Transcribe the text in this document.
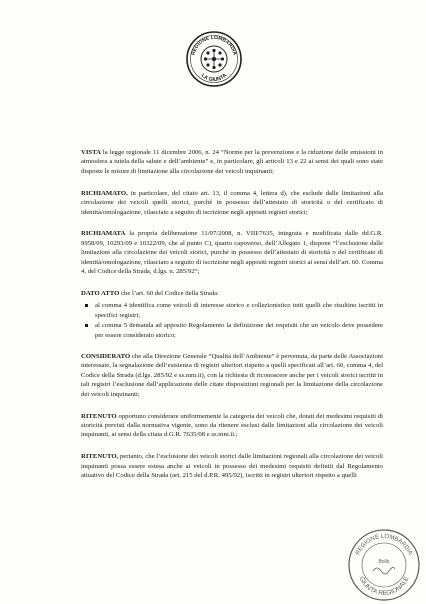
REGIONE LOMBARDIA
LA GIUNTA

VISTA la legge regionale 11 dicembre 2006, n. 24 “Norme per la prevenzione e la riduzione delle emissioni in atmosfera a tutela della salute e dell’ambiente” e, in particolare, gli articoli 13 e 22 ai sensi dei quali sono state disposte le misure di limitazione alla circolazione dei veicoli inquinanti;

RICHIAMATO, in particolare, del citato art. 13, il comma 4, lettera d), che esclude dalle limitazioni alla circolazione dei veicoli quelli storici, purché in possesso dell’attestato di storicità o del certificato di identità/omologazione, rilasciato a seguito di iscrizione negli appositi registri storici;

RICHIAMATA la propria deliberazione 11/07/2008, n. VIII/7635, integrata e modificata dalle dd.G.R. 9958/09, 10293/09 e 10322/09, che al punto C), quarto capoverso, dell’Allegato 1, dispone “l’esclusione dalle limitazioni alla circolazione dei veicoli storici, purché in possesso dell’attestato di storicità o del certificato di identità/omologazione, rilasciato a seguito di iscrizione negli appositi registri storici ai sensi dell’art. 60. Comma 4, del Codice della Strada, d.lgs. n. 285/92”;

DATO ATTO che l’art. 60 del Codice della Strada:

al comma 4 identifica come veicoli di interesse storico e collezionistico tutti quelli che risultino iscritti in specifici registri;
al comma 5 demanda ad apposito Regolamento la definizione dei requisiti che un veicolo deve possedere per essere considerato storico;

CONSIDERATO che alla Direzione Generale “Qualità dell’Ambiente” è pervenuta, da parte delle Associazioni interessate, la segnalazione dell’esistenza di registri ulteriori rispetto a quelli specificati all’art. 60, comma 4, del Codice della Strada (d.lgs. 285/92 e ss.mm.ii), con la richiesta di riconoscere anche per i veicoli storici iscritti in tali registri l’esclusione dall’applicazione delle citate disposizioni regionali per la limitazione della circolazione dei veicoli inquinanti;

RITENUTO opportuno considerare uniformemente la categoria dei veicoli che, dotati dei medesimi requisiti di storicità previsti dalla normativa vigente, sono da ritenere esclusi dalle limitazioni alla circolazione dei veicoli inquinanti, ai sensi della citata d.G.R. 7635/08 e ss.mm.ii.;

RITENUTO, pertanto, che l’esclusione dei veicoli storici dalle limitazioni regionali alla circolazione dei veicoli inquinanti possa essere estesa anche ai veicoli in possesso dei medesimi requisiti definiti dal Regolamento attuativo del Codice della Strada (art. 215 del d.P.R. 495/92), iscritti in registri ulteriori rispetto a quelli

REGIONE LOMBARDIA
GIUNTA REGIONALE
Bollo
